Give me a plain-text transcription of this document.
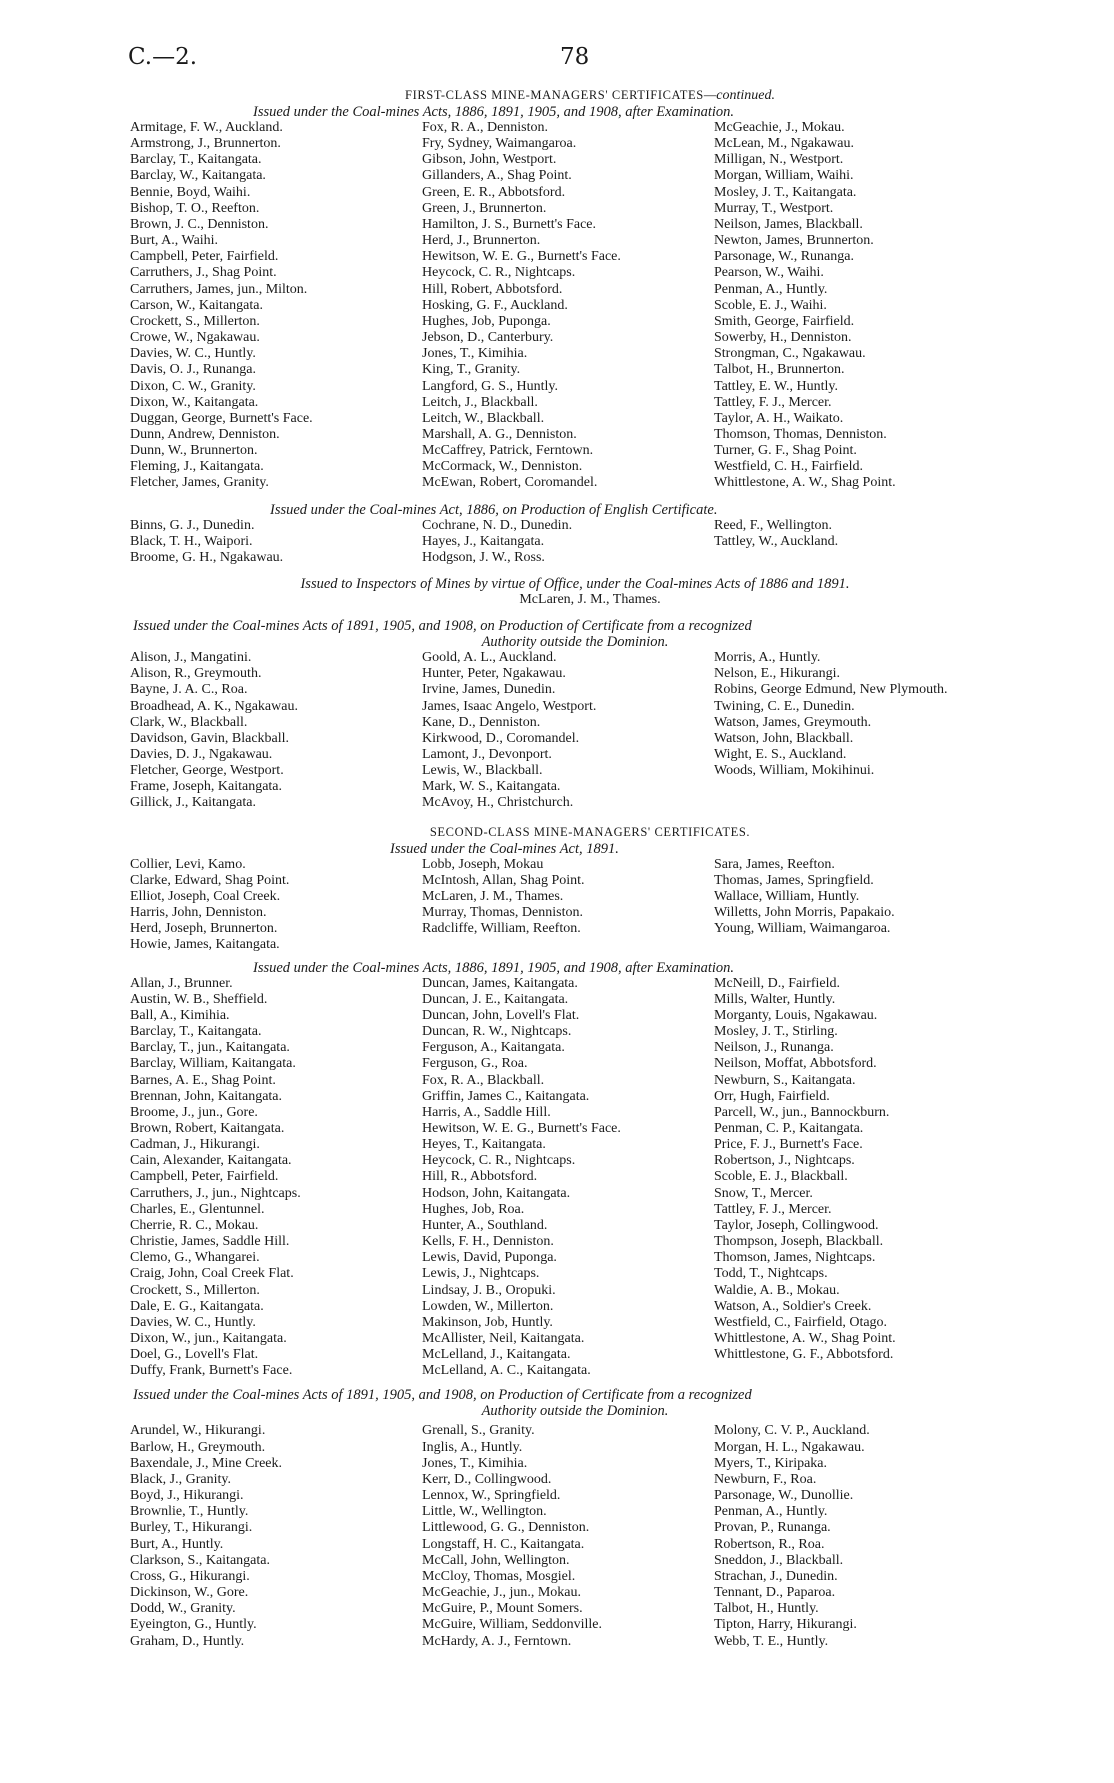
C.—2.	78
FIRST-CLASS MINE-MANAGERS' CERTIFICATES—continued.
Issued under the Coal-mines Acts, 1886, 1891, 1905, and 1908, after Examination.
Armitage, F. W., Auckland.
Armstrong, J., Brunnerton.
Barclay, T., Kaitangata.
Barclay, W., Kaitangata.
Bennie, Boyd, Waihi.
Bishop, T. O., Reefton.
Brown, J. C., Denniston.
Burt, A., Waihi.
Campbell, Peter, Fairfield.
Carruthers, J., Shag Point.
Carruthers, James, jun., Milton.
Carson, W., Kaitangata.
Crockett, S., Millerton.
Crowe, W., Ngakawau.
Davies, W. C., Huntly.
Davis, O. J., Runanga.
Dixon, C. W., Granity.
Dixon, W., Kaitangata.
Duggan, George, Burnett's Face.
Dunn, Andrew, Denniston.
Dunn, W., Brunnerton.
Fleming, J., Kaitangata.
Fletcher, James, Granity.
Fox, R. A., Denniston.
Fry, Sydney, Waimangaroa.
Gibson, John, Westport.
Gillanders, A., Shag Point.
Green, E. R., Abbotsford.
Green, J., Brunnerton.
Hamilton, J. S., Burnett's Face.
Herd, J., Brunnerton.
Hewitson, W. E. G., Burnett's Face.
Heycock, C. R., Nightcaps.
Hill, Robert, Abbotsford.
Hosking, G. F., Auckland.
Hughes, Job, Puponga.
Jebson, D., Canterbury.
Jones, T., Kimihia.
King, T., Granity.
Langford, G. S., Huntly.
Leitch, J., Blackball.
Leitch, W., Blackball.
Marshall, A. G., Denniston.
McCaffrey, Patrick, Ferntown.
McCormack, W., Denniston.
McEwan, Robert, Coromandel.
McGeachie, J., Mokau.
McLean, M., Ngakawau.
Milligan, N., Westport.
Morgan, William, Waihi.
Mosley, J. T., Kaitangata.
Murray, T., Westport.
Neilson, James, Blackball.
Newton, James, Brunnerton.
Parsonage, W., Runanga.
Pearson, W., Waihi.
Penman, A., Huntly.
Scoble, E. J., Waihi.
Smith, George, Fairfield.
Sowerby, H., Denniston.
Strongman, C., Ngakawau.
Talbot, H., Brunnerton.
Tattley, E. W., Huntly.
Tattley, F. J., Mercer.
Taylor, A. H., Waikato.
Thomson, Thomas, Denniston.
Turner, G. F., Shag Point.
Westfield, C. H., Fairfield.
Whittlestone, A. W., Shag Point.
Issued under the Coal-mines Act, 1886, on Production of English Certificate.
Binns, G. J., Dunedin.
Black, T. H., Waipori.
Broome, G. H., Ngakawau.
Cochrane, N. D., Dunedin.
Hayes, J., Kaitangata.
Hodgson, J. W., Ross.
Reed, F., Wellington.
Tattley, W., Auckland.
Issued to Inspectors of Mines by virtue of Office, under the Coal-mines Acts of 1886 and 1891.
McLaren, J. M., Thames.
Issued under the Coal-mines Acts of 1891, 1905, and 1908, on Production of Certificate from a recognized
Authority outside the Dominion.
Alison, J., Mangatini.
Alison, R., Greymouth.
Bayne, J. A. C., Roa.
Broadhead, A. K., Ngakawau.
Clark, W., Blackball.
Davidson, Gavin, Blackball.
Davies, D. J., Ngakawau.
Fletcher, George, Westport.
Frame, Joseph, Kaitangata.
Gillick, J., Kaitangata.
Goold, A. L., Auckland.
Hunter, Peter, Ngakawau.
Irvine, James, Dunedin.
James, Isaac Angelo, Westport.
Kane, D., Denniston.
Kirkwood, D., Coromandel.
Lamont, J., Devonport.
Lewis, W., Blackball.
Mark, W. S., Kaitangata.
McAvoy, H., Christchurch.
Morris, A., Huntly.
Nelson, E., Hikurangi.
Robins, George Edmund, New Plymouth.
Twining, C. E., Dunedin.
Watson, James, Greymouth.
Watson, John, Blackball.
Wight, E. S., Auckland.
Woods, William, Mokihinui.
SECOND-CLASS MINE-MANAGERS' CERTIFICATES.
Issued under the Coal-mines Act, 1891.
Collier, Levi, Kamo.
Clarke, Edward, Shag Point.
Elliot, Joseph, Coal Creek.
Harris, John, Denniston.
Herd, Joseph, Brunnerton.
Howie, James, Kaitangata.
Lobb, Joseph, Mokau
McIntosh, Allan, Shag Point.
McLaren, J. M., Thames.
Murray, Thomas, Denniston.
Radcliffe, William, Reefton.
Sara, James, Reefton.
Thomas, James, Springfield.
Wallace, William, Huntly.
Willetts, John Morris, Papakaio.
Young, William, Waimangaroa.
Issued under the Coal-mines Acts, 1886, 1891, 1905, and 1908, after Examination.
Allan, J., Brunner.
Austin, W. B., Sheffield.
Ball, A., Kimihia.
Barclay, T., Kaitangata.
Barclay, T., jun., Kaitangata.
Barclay, William, Kaitangata.
Barnes, A. E., Shag Point.
Brennan, John, Kaitangata.
Broome, J., jun., Gore.
Brown, Robert, Kaitangata.
Cadman, J., Hikurangi.
Cain, Alexander, Kaitangata.
Campbell, Peter, Fairfield.
Carruthers, J., jun., Nightcaps.
Charles, E., Glentunnel.
Cherrie, R. C., Mokau.
Christie, James, Saddle Hill.
Clemo, G., Whangarei.
Craig, John, Coal Creek Flat.
Crockett, S., Millerton.
Dale, E. G., Kaitangata.
Davies, W. C., Huntly.
Dixon, W., jun., Kaitangata.
Doel, G., Lovell's Flat.
Duffy, Frank, Burnett's Face.
Duncan, James, Kaitangata.
Duncan, J. E., Kaitangata.
Duncan, John, Lovell's Flat.
Duncan, R. W., Nightcaps.
Ferguson, A., Kaitangata.
Ferguson, G., Roa.
Fox, R. A., Blackball.
Griffin, James C., Kaitangata.
Harris, A., Saddle Hill.
Hewitson, W. E. G., Burnett's Face.
Heyes, T., Kaitangata.
Heycock, C. R., Nightcaps.
Hill, R., Abbotsford.
Hodson, John, Kaitangata.
Hughes, Job, Roa.
Hunter, A., Southland.
Kells, F. H., Denniston.
Lewis, David, Puponga.
Lewis, J., Nightcaps.
Lindsay, J. B., Oropuki.
Lowden, W., Millerton.
Makinson, Job, Huntly.
McAllister, Neil, Kaitangata.
McLelland, J., Kaitangata.
McLelland, A. C., Kaitangata.
McNeill, D., Fairfield.
Mills, Walter, Huntly.
Morganty, Louis, Ngakawau.
Mosley, J. T., Stirling.
Neilson, J., Runanga.
Neilson, Moffat, Abbotsford.
Newburn, S., Kaitangata.
Orr, Hugh, Fairfield.
Parcell, W., jun., Bannockburn.
Penman, C. P., Kaitangata.
Price, F. J., Burnett's Face.
Robertson, J., Nightcaps.
Scoble, E. J., Blackball.
Snow, T., Mercer.
Tattley, F. J., Mercer.
Taylor, Joseph, Collingwood.
Thompson, Joseph, Blackball.
Thomson, James, Nightcaps.
Todd, T., Nightcaps.
Waldie, A. B., Mokau.
Watson, A., Soldier's Creek.
Westfield, C., Fairfield, Otago.
Whittlestone, A. W., Shag Point.
Whittlestone, G. F., Abbotsford.
Issued under the Coal-mines Acts of 1891, 1905, and 1908, on Production of Certificate from a recognized
Authority outside the Dominion.
Arundel, W., Hikurangi.
Barlow, H., Greymouth.
Baxendale, J., Mine Creek.
Black, J., Granity.
Boyd, J., Hikurangi.
Brownlie, T., Huntly.
Burley, T., Hikurangi.
Burt, A., Huntly.
Clarkson, S., Kaitangata.
Cross, G., Hikurangi.
Dickinson, W., Gore.
Dodd, W., Granity.
Eyeington, G., Huntly.
Graham, D., Huntly.
Grenall, S., Granity.
Inglis, A., Huntly.
Jones, T., Kimihia.
Kerr, D., Collingwood.
Lennox, W., Springfield.
Little, W., Wellington.
Littlewood, G. G., Denniston.
Longstaff, H. C., Kaitangata.
McCall, John, Wellington.
McCloy, Thomas, Mosgiel.
McGeachie, J., jun., Mokau.
McGuire, P., Mount Somers.
McGuire, William, Seddonville.
McHardy, A. J., Ferntown.
Molony, C. V. P., Auckland.
Morgan, H. L., Ngakawau.
Myers, T., Kiripaka.
Newburn, F., Roa.
Parsonage, W., Dunollie.
Penman, A., Huntly.
Provan, P., Runanga.
Robertson, R., Roa.
Sneddon, J., Blackball.
Strachan, J., Dunedin.
Tennant, D., Paparoa.
Talbot, H., Huntly.
Tipton, Harry, Hikurangi.
Webb, T. E., Huntly.
